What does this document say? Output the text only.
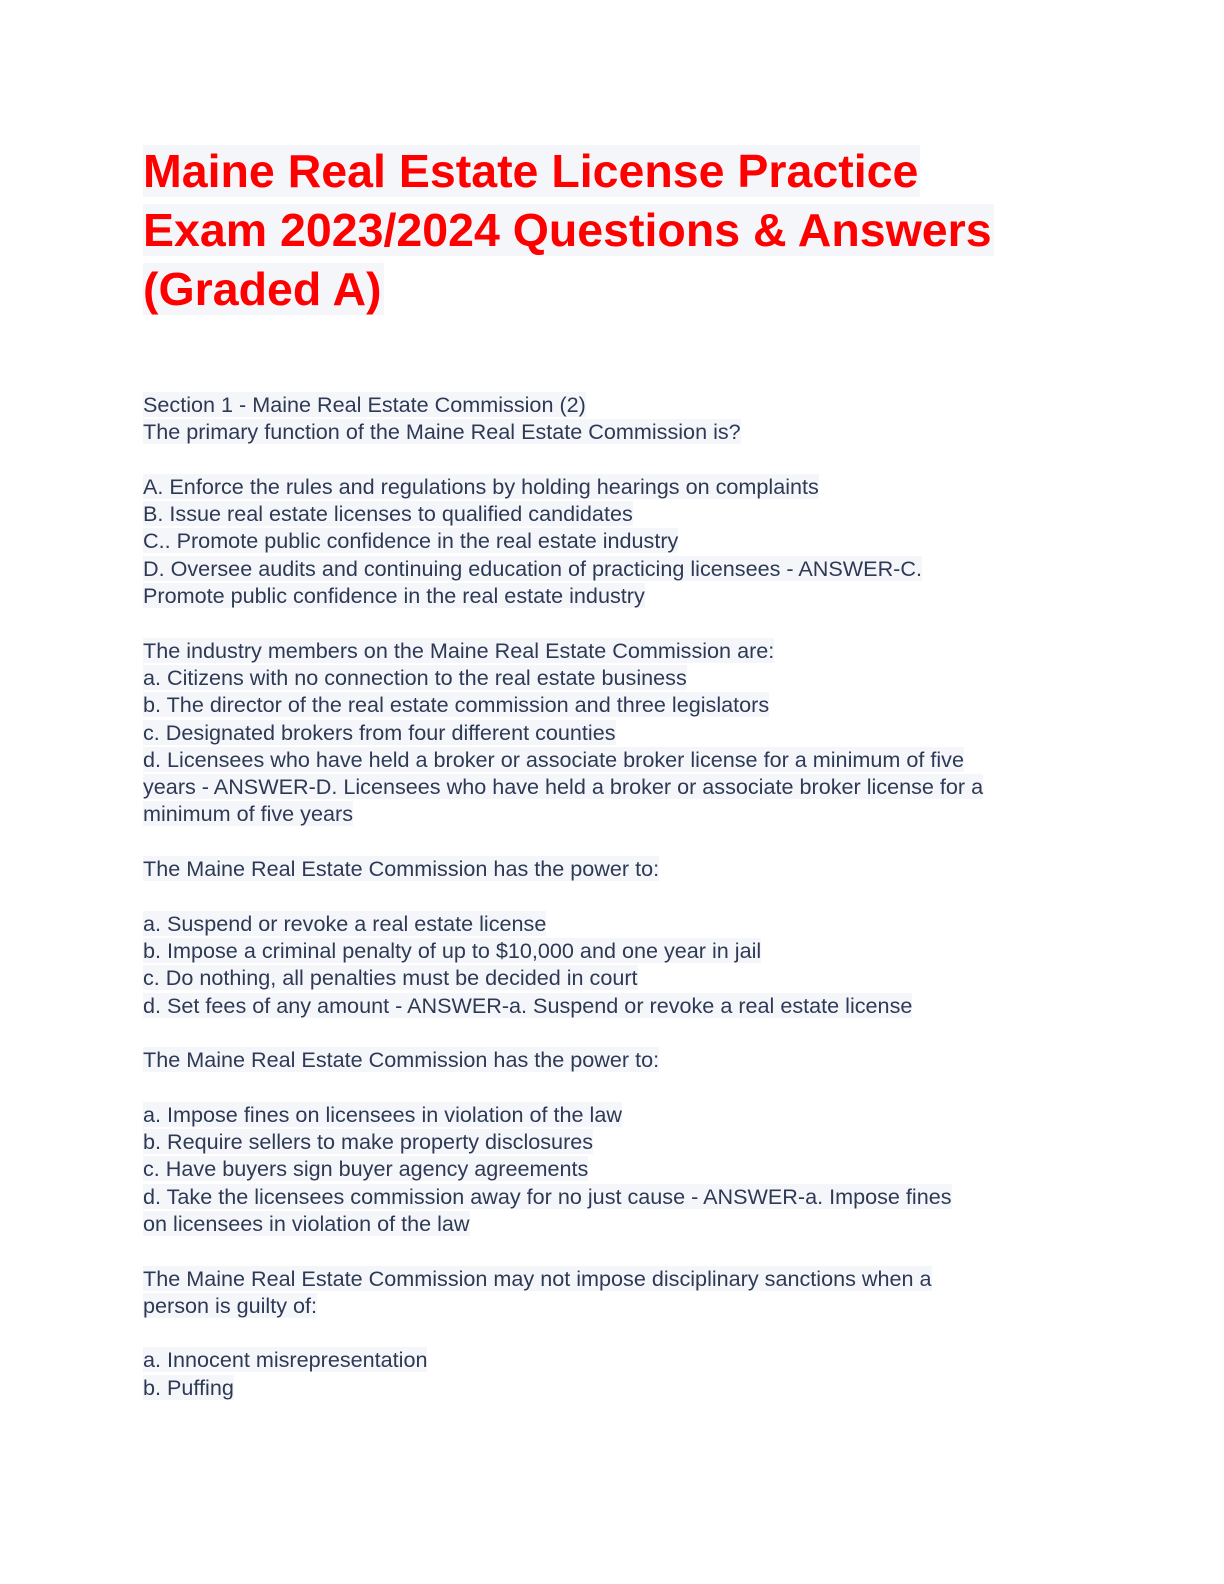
Maine Real Estate License Practice
Exam 2023/2024 Questions & Answers
(Graded A)
Section 1 - Maine Real Estate Commission (2)
The primary function of the Maine Real Estate Commission is?
A. Enforce the rules and regulations by holding hearings on complaints
B. Issue real estate licenses to qualified candidates
C.. Promote public confidence in the real estate industry
D. Oversee audits and continuing education of practicing licensees - ANSWER-C.
Promote public confidence in the real estate industry
The industry members on the Maine Real Estate Commission are:
a. Citizens with no connection to the real estate business
b. The director of the real estate commission and three legislators
c. Designated brokers from four different counties
d. Licensees who have held a broker or associate broker license for a minimum of five
years - ANSWER-D. Licensees who have held a broker or associate broker license for a
minimum of five years
The Maine Real Estate Commission has the power to:
a. Suspend or revoke a real estate license
b. Impose a criminal penalty of up to $10,000 and one year in jail
c. Do nothing, all penalties must be decided in court
d. Set fees of any amount - ANSWER-a. Suspend or revoke a real estate license
The Maine Real Estate Commission has the power to:
a. Impose fines on licensees in violation of the law
b. Require sellers to make property disclosures
c. Have buyers sign buyer agency agreements
d. Take the licensees commission away for no just cause - ANSWER-a. Impose fines
on licensees in violation of the law
The Maine Real Estate Commission may not impose disciplinary sanctions when a
person is guilty of:
a. Innocent misrepresentation
b. Puffing
